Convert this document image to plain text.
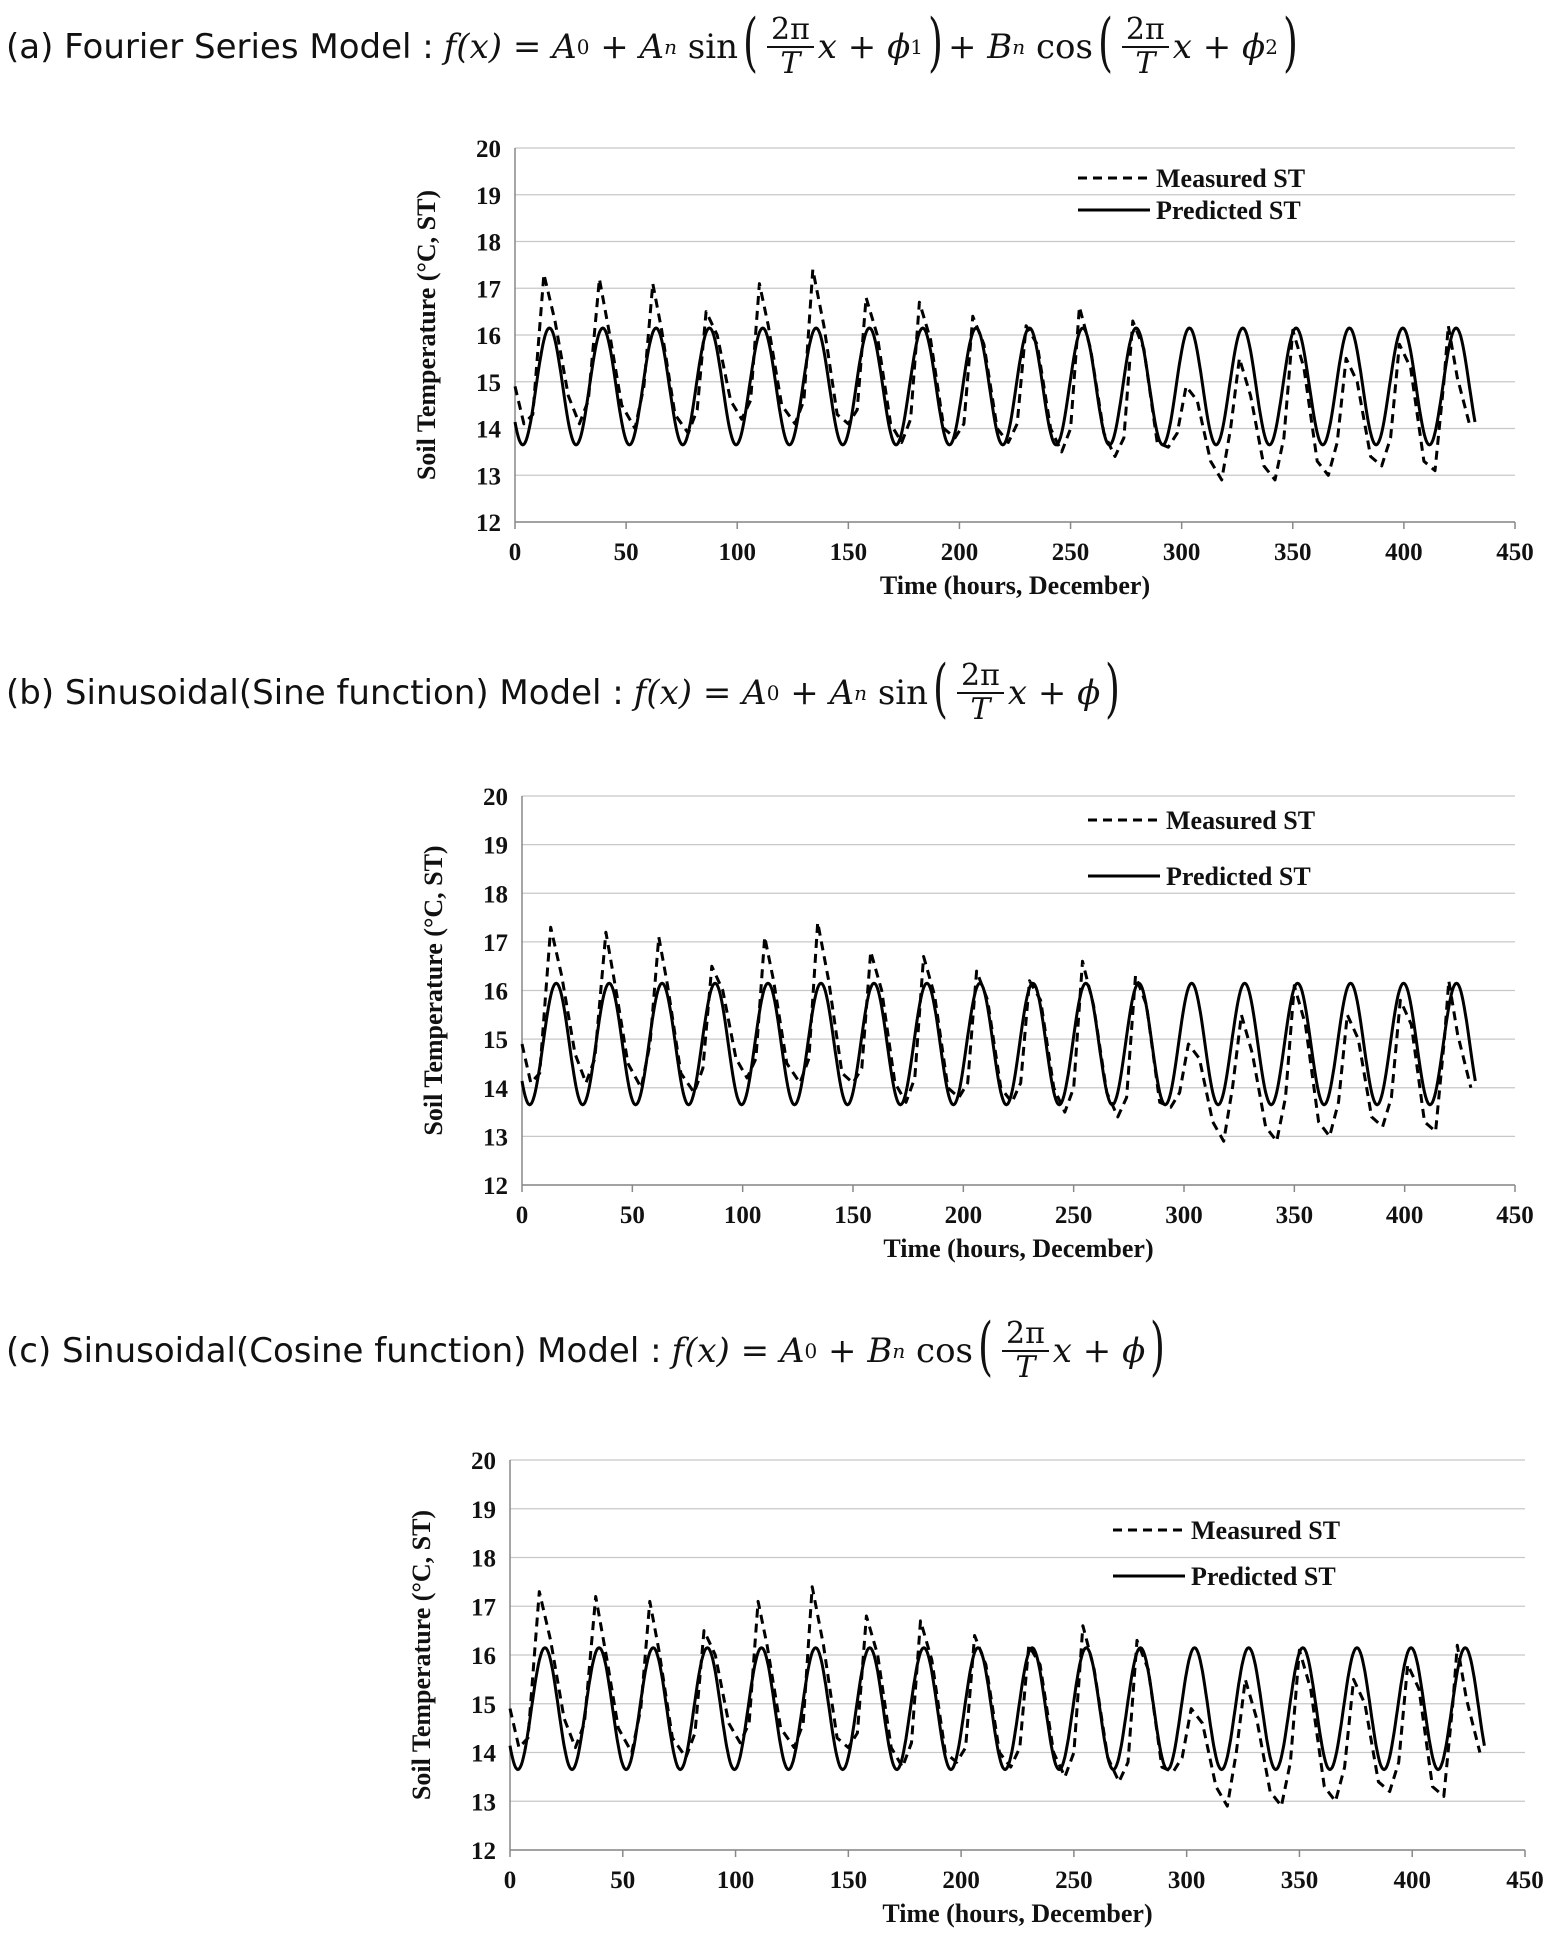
(a) Fourier Series Model : f(x) = A 0 + A n sin ( $\frac{2\pi}{T}$ x + ϕ 1 ) + B n cos ( $\frac{2\pi}{T}$ x + ϕ 2 )
12
13
14
15
16
17
18
19
20
0	50	100	150	200	250	300	350	400	450
Time (hours, December)
Soil Temperature (°C, ST)
Measured ST
Predicted ST
(b) Sinusoidal(Sine function) Model : f(x) = A 0 + A n sin ( $\frac{2\pi}{T}$ x + ϕ )
12
13
14
15
16
17
18
19
20
0	50	100	150	200	250	300	350	400	450
Time (hours, December)
Soil Temperature (°C, ST)
Measured ST
Predicted ST
(c) Sinusoidal(Cosine function) Model : f(x) = A 0 + B n cos ( $\frac{2\pi}{T}$ x + ϕ )
12
13
14
15
16
17
18
19
20
0	50	100	150	200	250	300	350	400	450
Time (hours, December)
Soil Temperature (°C, ST)	Measured ST
Predicted ST
